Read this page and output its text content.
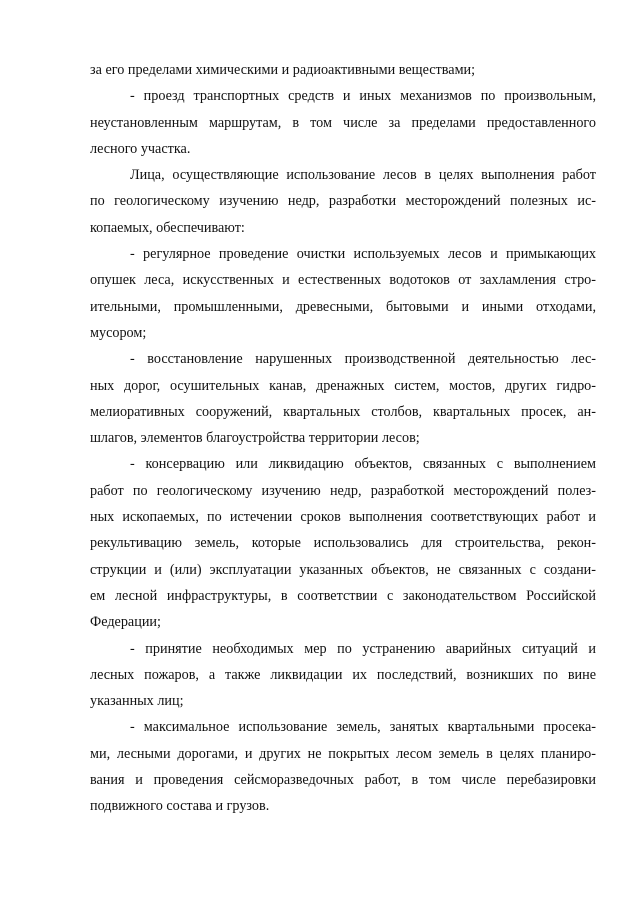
за его пределами химическими и радиоактивными веществами;
- проезд транспортных средств и иных механизмов по произвольным,
неустановленным маршрутам, в том числе за пределами предоставленного
лесного участка.
Лица, осуществляющие использование лесов в целях выполнения работ
по геологическому изучению недр, разработки месторождений полезных ис-
копаемых, обеспечивают:
- регулярное проведение очистки используемых лесов и примыкающих
опушек леса, искусственных и естественных водотоков от захламления стро-
ительными, промышленными, древесными, бытовыми и иными отходами,
мусором;
- восстановление нарушенных производственной деятельностью лес-
ных дорог, осушительных канав, дренажных систем, мостов, других гидро-
мелиоративных сооружений, квартальных столбов, квартальных просек, ан-
шлагов, элементов благоустройства территории лесов;
- консервацию или ликвидацию объектов, связанных с выполнением
работ по геологическому изучению недр, разработкой месторождений полез-
ных ископаемых, по истечении сроков выполнения соответствующих работ и
рекультивацию земель, которые использовались для строительства, рекон-
струкции и (или) эксплуатации указанных объектов, не связанных с создани-
ем лесной инфраструктуры, в соответствии с законодательством Российской
Федерации;
- принятие необходимых мер по устранению аварийных ситуаций и
лесных пожаров, а также ликвидации их последствий, возникших по вине
указанных лиц;
- максимальное использование земель, занятых квартальными просека-
ми, лесными дорогами, и других не покрытых лесом земель в целях планиро-
вания и проведения сейсморазведочных работ, в том числе перебазировки
подвижного состава и грузов.
